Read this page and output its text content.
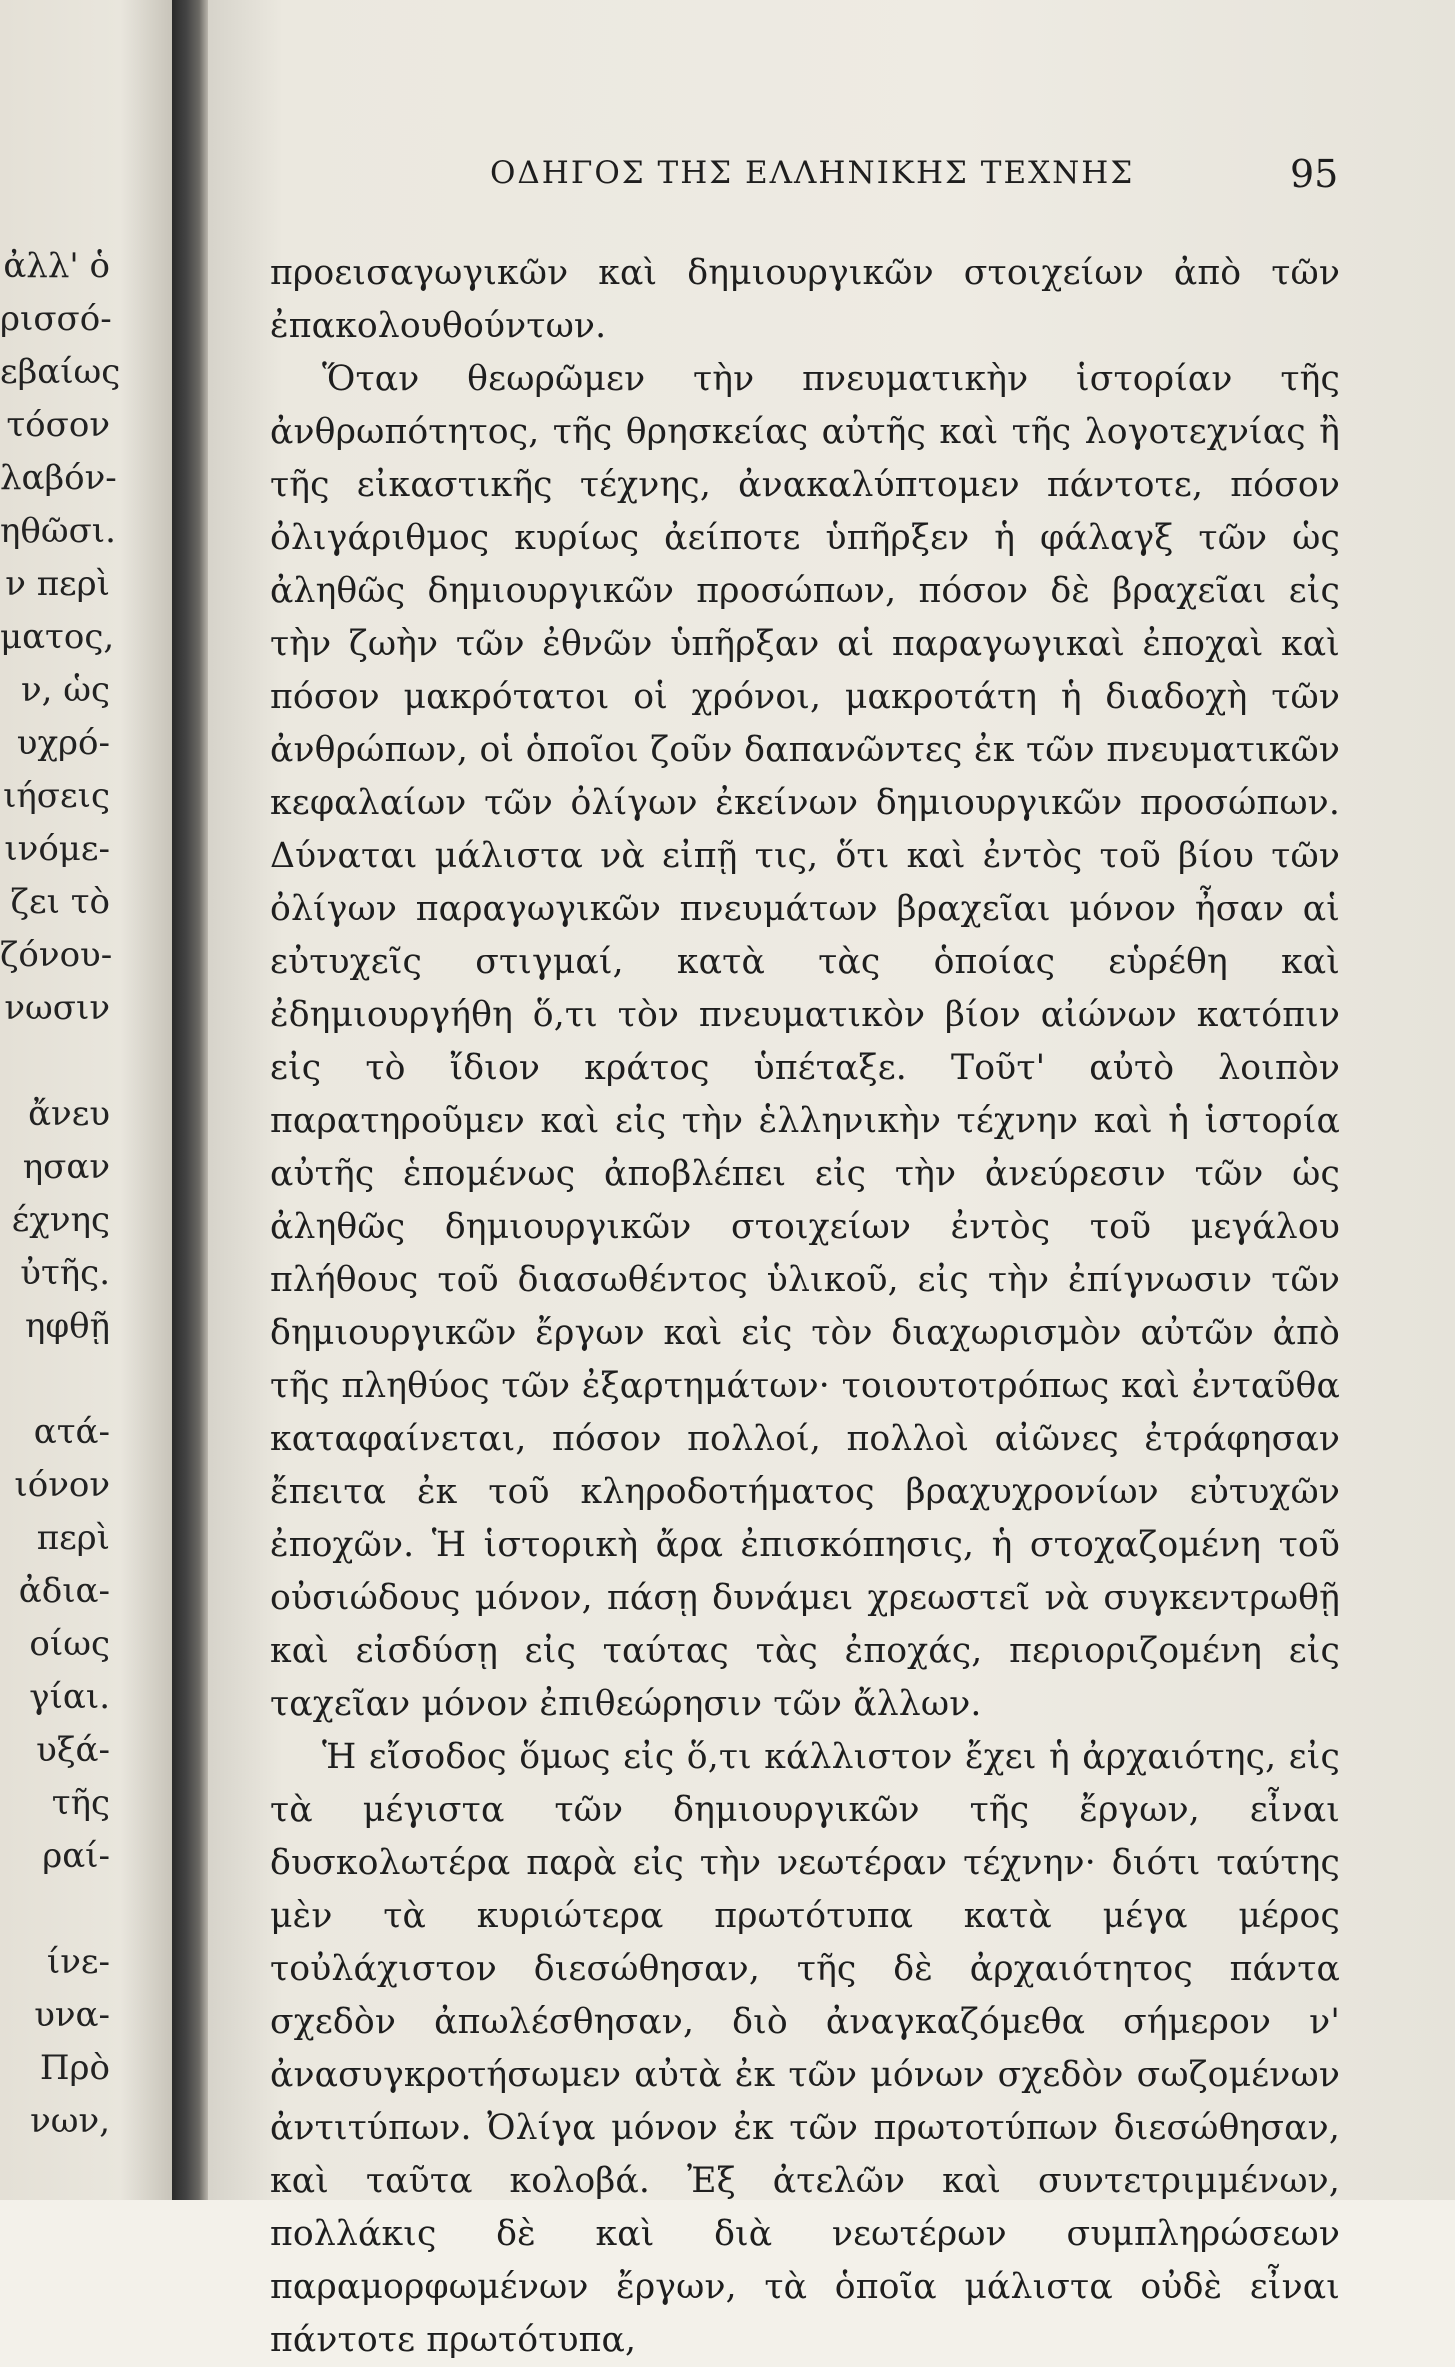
ἀλλ' ὁ
ρισσό-
εβαίως
τόσον
λαβόν-
ηθῶσι.
ν περὶ
ματος,
ν, ὡς
υχρό-
ιήσεις
ινόμε-
ζει τὸ
ζόνου-
νωσιν
ἄνευ
ησαν
έχνης
ὐτῆς.
ηφθῇ
ατά-
ιόνον
περὶ
ἀδια-
οίως
γίαι.
υξά-
τῆς
ραί-
ίνε-
υνα-
Πρὸ
νων,
ΟΔΗΓΟΣ ΤΗΣ ΕΛΛΗΝΙΚΗΣ ΤΕΧΝΗΣ	95

προεισαγωγικῶν καὶ δημιουργικῶν στοιχείων ἀπὸ τῶν ἐπακολουθούντων.

Ὅταν θεωρῶμεν τὴν πνευματικὴν ἱστορίαν τῆς ἀνθρωπότητος, τῆς θρησκείας αὐτῆς καὶ τῆς λογοτεχνίας ἢ τῆς εἰκαστικῆς τέχνης, ἀνακαλύπτομεν πάντοτε, πόσον ὀλιγάριθμος κυρίως ἀείποτε ὑπῆρξεν ἡ φάλαγξ τῶν ὡς ἀληθῶς δημιουργικῶν προσώπων, πόσον δὲ βραχεῖαι εἰς τὴν ζωὴν τῶν ἐθνῶν ὑπῆρξαν αἱ παραγωγικαὶ ἐποχαὶ καὶ πόσον μακρότατοι οἱ χρόνοι, μακροτάτη ἡ διαδοχὴ τῶν ἀνθρώπων, οἱ ὁποῖοι ζοῦν δαπανῶντες ἐκ τῶν πνευματικῶν κεφαλαίων τῶν ὀλίγων ἐκείνων δημιουργικῶν προσώπων. Δύναται μάλιστα νὰ εἰπῇ τις, ὅτι καὶ ἐντὸς τοῦ βίου τῶν ὀλίγων παραγωγικῶν πνευμάτων βραχεῖαι μόνον ἦσαν αἱ εὐτυχεῖς στιγμαί, κατὰ τὰς ὁποίας εὑρέθη καὶ ἐδημιουργήθη ὅ,τι τὸν πνευματικὸν βίον αἰώνων κατόπιν εἰς τὸ ἴδιον κράτος ὑπέταξε. Τοῦτ' αὐτὸ λοιπὸν παρατηροῦμεν καὶ εἰς τὴν ἑλληνικὴν τέχνην καὶ ἡ ἱστορία αὐτῆς ἑπομένως ἀποβλέπει εἰς τὴν ἀνεύρεσιν τῶν ὡς ἀληθῶς δημιουργικῶν στοιχείων ἐντὸς τοῦ μεγάλου πλήθους τοῦ διασωθέντος ὑλικοῦ, εἰς τὴν ἐπίγνωσιν τῶν δημιουργικῶν ἔργων καὶ εἰς τὸν διαχωρισμὸν αὐτῶν ἀπὸ τῆς πληθύος τῶν ἐξαρτημάτων· τοιουτοτρόπως καὶ ἐνταῦθα καταφαίνεται, πόσον πολλοί, πολλοὶ αἰῶνες ἐτράφησαν ἔπειτα ἐκ τοῦ κληροδοτήματος βραχυχρονίων εὐτυχῶν ἐποχῶν. Ἡ ἱστορικὴ ἄρα ἐπισκόπησις, ἡ στοχαζομένη τοῦ οὐσιώδους μόνον, πάσῃ δυνάμει χρεωστεῖ νὰ συγκεντρωθῇ καὶ εἰσδύσῃ εἰς ταύτας τὰς ἐποχάς, περιοριζομένη εἰς ταχεῖαν μόνον ἐπιθεώρησιν τῶν ἄλλων.

Ἡ εἴσοδος ὅμως εἰς ὅ,τι κάλλιστον ἔχει ἡ ἀρχαιότης, εἰς τὰ μέγιστα τῶν δημιουργικῶν τῆς ἔργων, εἶναι δυσκολωτέρα παρὰ εἰς τὴν νεωτέραν τέχνην· διότι ταύτης μὲν τὰ κυριώτερα πρωτότυπα κατὰ μέγα μέρος τοὐλάχιστον διεσώθησαν, τῆς δὲ ἀρχαιότητος πάντα σχεδὸν ἀπωλέσθησαν, διὸ ἀναγκαζόμεθα σήμερον ν' ἀνασυγκροτήσωμεν αὐτὰ ἐκ τῶν μόνων σχεδὸν σωζομένων ἀντιτύπων. Ὀλίγα μόνον ἐκ τῶν πρωτοτύπων διεσώθησαν, καὶ ταῦτα κολοβά. Ἐξ ἀτελῶν καὶ συντετριμμένων, πολλάκις δὲ καὶ διὰ νεωτέρων συμπληρώσεων παραμορφωμένων ἔργων, τὰ ὁποῖα μάλιστα οὐδὲ εἶναι πάντοτε πρωτότυπα,
